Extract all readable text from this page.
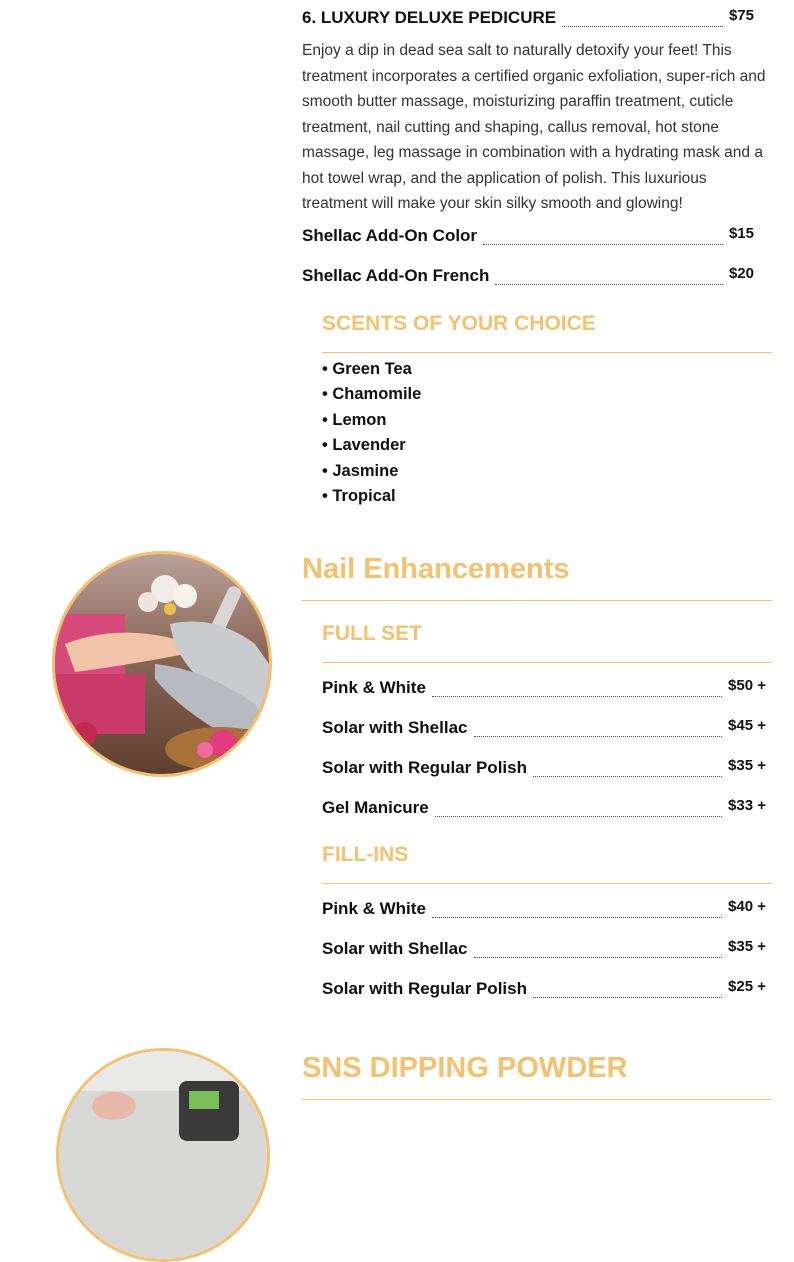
6. LUXURY DELUXE PEDICURE	$75
Enjoy a dip in dead sea salt to naturally detoxify your feet! This treatment incorporates a certified organic exfoliation, super-rich and smooth butter massage, moisturizing paraffin treatment, cuticle treatment, nail cutting and shaping, callus removal, hot stone massage, leg massage in combination with a hydrating mask and a hot towel wrap, and the application of polish. This luxurious treatment will make your skin silky smooth and glowing!
Shellac Add-On Color	$15
Shellac Add-On French	$20
SCENTS OF YOUR CHOICE
• Green Tea
• Chamomile
• Lemon
• Lavender
• Jasmine
• Tropical
Nail Enhancements
FULL SET
Pink & White	$50 +
Solar with Shellac	$45 +
Solar with Regular Polish	$35 +
Gel Manicure	$33 +
FILL-INS
Pink & White	$40 +
Solar with Shellac	$35 +
Solar with Regular Polish	$25 +
SNS DIPPING POWDER
